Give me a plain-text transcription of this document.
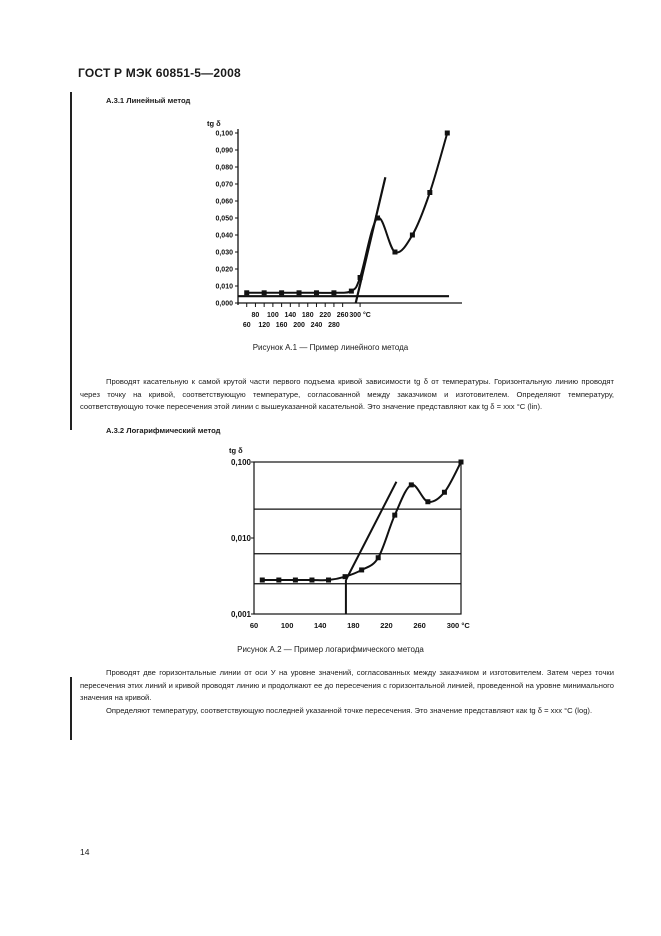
ГОСТ Р МЭК 60851-5—2008
А.3.1 Линейный метод
tg δ
0,100
0,090
0,080
0,070
0,060
0,050
0,040
0,030
0,020
0,010
0,000
80 100 140 180 220 260 300 °C
60 120 160 200 240 280
Рисунок А.1 — Пример линейного метода

Проводят касательную к самой крутой части первого подъема кривой зависимости tg δ от температуры. Горизонтальную линию проводят через точку на кривой, соответствующую температуре, согласованной между заказчиком и изготовителем. Определяют температуру, соответствующую точке пересечения этой линии с вышеуказанной касательной. Это значение представляют как tg δ = xxx °C (lin).

А.3.2 Логарифмический метод
tg δ
0,100
0,010
0,001
60	100	140	180	220	260	300 °C
Рисунок А.2 — Пример логарифмического метода

Проводят две горизонтальные линии от оси У на уровне значений, согласованных между заказчиком и изготовителем. Затем через точки пересечения этих линий и кривой проводят линию и продолжают ее до пересечения с горизонтальной линией, проведенной на уровне минимального значения на кривой.

Определяют температуру, соответствующую последней указанной точке пересечения. Это значение представляют как tg δ = xxx °C (log).

14
